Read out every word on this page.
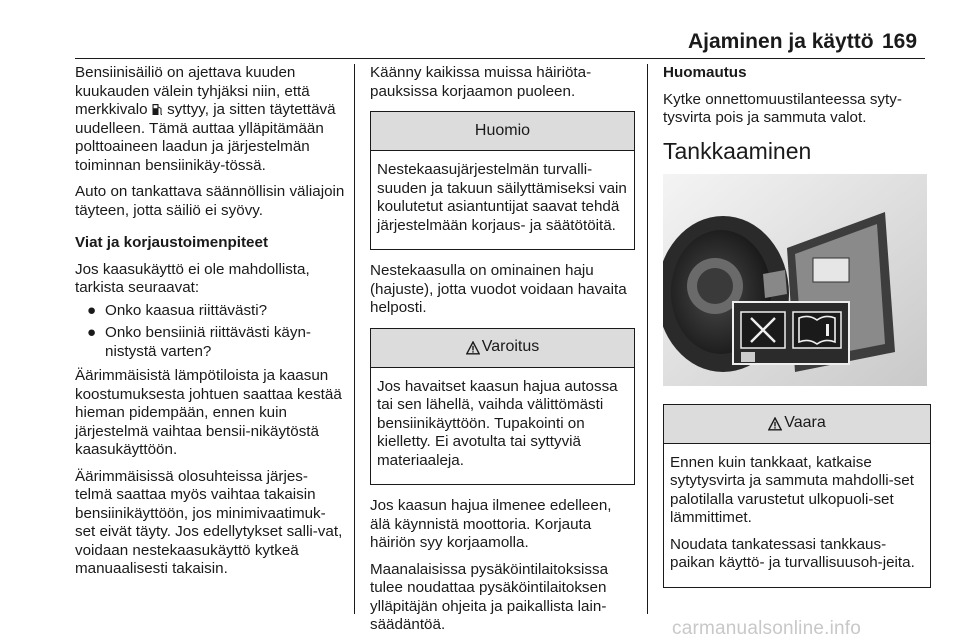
Ajaminen ja käyttö 169

Bensiinisäiliö on ajettava kuuden kuukauden välein tyhjäksi niin, että merkkivalo syttyy, ja sitten täytettävä uudelleen. Tämä auttaa ylläpitämään polttoaineen laadun ja järjestelmän toiminnan bensiinikäy-tössä.

Auto on tankattava säännöllisin väliajoin täyteen, jotta säiliö ei syövy.

Viat ja korjaustoimenpiteet

Jos kaasukäyttö ei ole mahdollista, tarkista seuraavat:

● Onko kaasua riittävästi?
● Onko bensiiniä riittävästi käyn-nistystä varten?

Äärimmäisistä lämpötiloista ja kaasun koostumuksesta johtuen saattaa kestää hieman pidempään, ennen kuin järjestelmä vaihtaa bensii-nikäytöstä kaasukäyttöön.

Äärimmäisissä olosuhteissa järjes-telmä saattaa myös vaihtaa takaisin bensiinikäyttöön, jos minimivaatimuk-set eivät täyty. Jos edellytykset salli-vat, voidaan nestekaasukäyttö kytkeä manuaalisesti takaisin.

Käänny kaikissa muissa häiriöta-pauksissa korjaamon puoleen.

Huomio

Nestekaasujärjestelmän turvalli-suuden ja takuun säilyttämiseksi vain koulutetut asiantuntijat saavat tehdä järjestelmään korjaus- ja säätötöitä.

Nestekaasulla on ominainen haju (hajuste), jotta vuodot voidaan havaita helposti.

Varoitus

Jos havaitset kaasun hajua autossa tai sen lähellä, vaihda välittömästi bensiinikäyttöön. Tupakointi on kielletty. Ei avotulta tai syttyviä materiaaleja.

Jos kaasun hajua ilmenee edelleen, älä käynnistä moottoria. Korjauta häiriön syy korjaamolla.

Maanalaisissa pysäköintilaitoksissa tulee noudattaa pysäköintilaitoksen ylläpitäjän ohjeita ja paikallista lain-säädäntöä.

Huomautus

Kytke onnettomuustilanteessa syty-tysvirta pois ja sammuta valot.

Tankkaaminen
Vaara

Ennen kuin tankkaat, katkaise sytytysvirta ja sammuta mahdolli-set palotilalla varustetut ulkopuoli-set lämmittimet.

Noudata tankatessasi tankkaus-paikan käyttö- ja turvallisuusoh-jeita.

carmanualsonline.info
